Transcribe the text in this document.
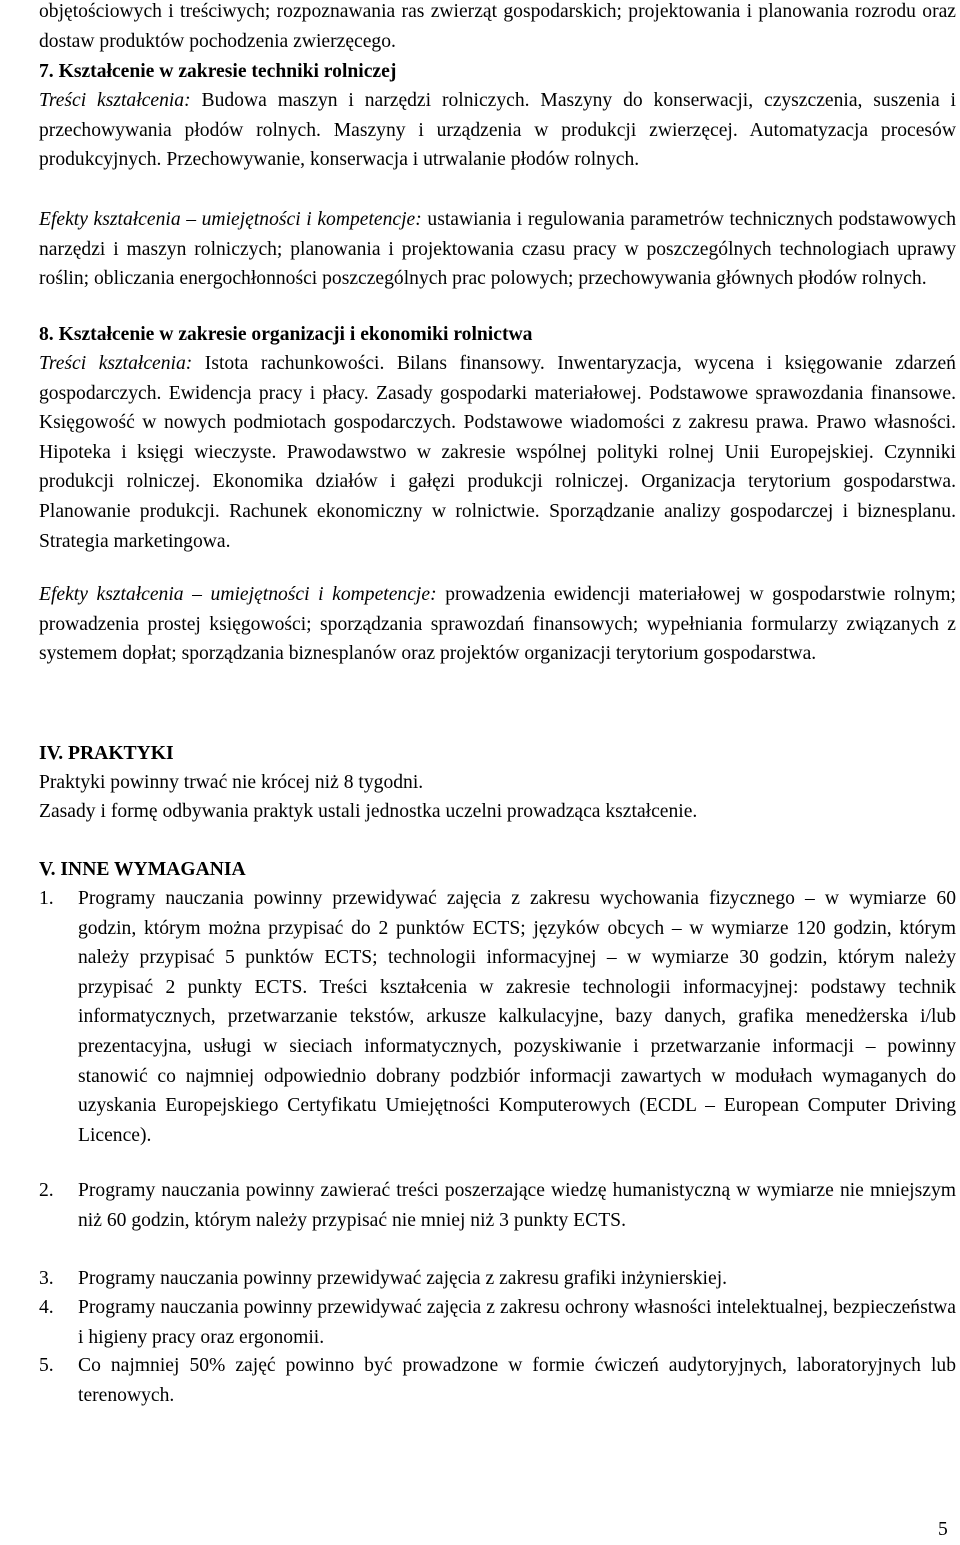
objętościowych i treściwych; rozpoznawania ras zwierząt gospodarskich; projektowania i planowania rozrodu oraz dostaw produktów pochodzenia zwierzęcego.

7. Kształcenie w zakresie techniki rolniczej

Treści kształcenia: Budowa maszyn i narzędzi rolniczych. Maszyny do konserwacji, czyszczenia, suszenia i przechowywania płodów rolnych. Maszyny i urządzenia w produkcji zwierzęcej. Automatyzacja procesów produkcyjnych. Przechowywanie, konserwacja i utrwalanie płodów rolnych.

Efekty kształcenia – umiejętności i kompetencje: ustawiania i regulowania parametrów technicznych podstawowych narzędzi i maszyn rolniczych; planowania i projektowania czasu pracy w poszczególnych technologiach uprawy roślin; obliczania energochłonności poszczególnych prac polowych; przechowywania głównych płodów rolnych.

8. Kształcenie w zakresie organizacji i ekonomiki rolnictwa

Treści kształcenia: Istota rachunkowości. Bilans finansowy. Inwentaryzacja, wycena i księgowanie zdarzeń gospodarczych. Ewidencja pracy i płacy. Zasady gospodarki materiałowej. Podstawowe sprawozdania finansowe. Księgowość w nowych podmiotach gospodarczych. Podstawowe wiadomości z zakresu prawa. Prawo własności. Hipoteka i księgi wieczyste. Prawodawstwo w zakresie wspólnej polityki rolnej Unii Europejskiej. Czynniki produkcji rolniczej. Ekonomika działów i gałęzi produkcji rolniczej. Organizacja terytorium gospodarstwa. Planowanie produkcji. Rachunek ekonomiczny w rolnictwie. Sporządzanie analizy gospodarczej i biznesplanu. Strategia marketingowa.

Efekty kształcenia – umiejętności i kompetencje: prowadzenia ewidencji materiałowej w gospodarstwie rolnym; prowadzenia prostej księgowości; sporządzania sprawozdań finansowych; wypełniania formularzy związanych z systemem dopłat; sporządzania biznesplanów oraz projektów organizacji terytorium gospodarstwa.

IV. PRAKTYKI

Praktyki powinny trwać nie krócej niż 8 tygodni.

Zasady i formę odbywania praktyk ustali jednostka uczelni prowadząca kształcenie.

V. INNE WYMAGANIA

1.	Programy nauczania powinny przewidywać zajęcia z zakresu wychowania fizycznego – w wymiarze 60 godzin, którym można przypisać do 2 punktów ECTS; języków obcych – w wymiarze 120 godzin, którym należy przypisać 5 punktów ECTS; technologii informacyjnej – w wymiarze 30 godzin, którym należy przypisać 2 punkty ECTS. Treści kształcenia w zakresie technologii informacyjnej: podstawy technik informatycznych, przetwarzanie tekstów, arkusze kalkulacyjne, bazy danych, grafika menedżerska i/lub prezentacyjna, usługi w sieciach informatycznych, pozyskiwanie i przetwarzanie informacji – powinny stanowić co najmniej odpowiednio dobrany podzbiór informacji zawartych w modułach wymaganych do uzyskania Europejskiego Certyfikatu Umiejętności Komputerowych (ECDL – European Computer Driving Licence).
2.	Programy nauczania powinny zawierać treści poszerzające wiedzę humanistyczną w wymiarze nie mniejszym niż 60 godzin, którym należy przypisać nie mniej niż 3 punkty ECTS.
3.	Programy nauczania powinny przewidywać zajęcia z zakresu grafiki inżynierskiej.
4.	Programy nauczania powinny przewidywać zajęcia z zakresu ochrony własności intelektualnej, bezpieczeństwa i higieny pracy oraz ergonomii.
5.	Co najmniej 50% zajęć powinno być prowadzone w formie ćwiczeń audytoryjnych, laboratoryjnych lub terenowych.
5
